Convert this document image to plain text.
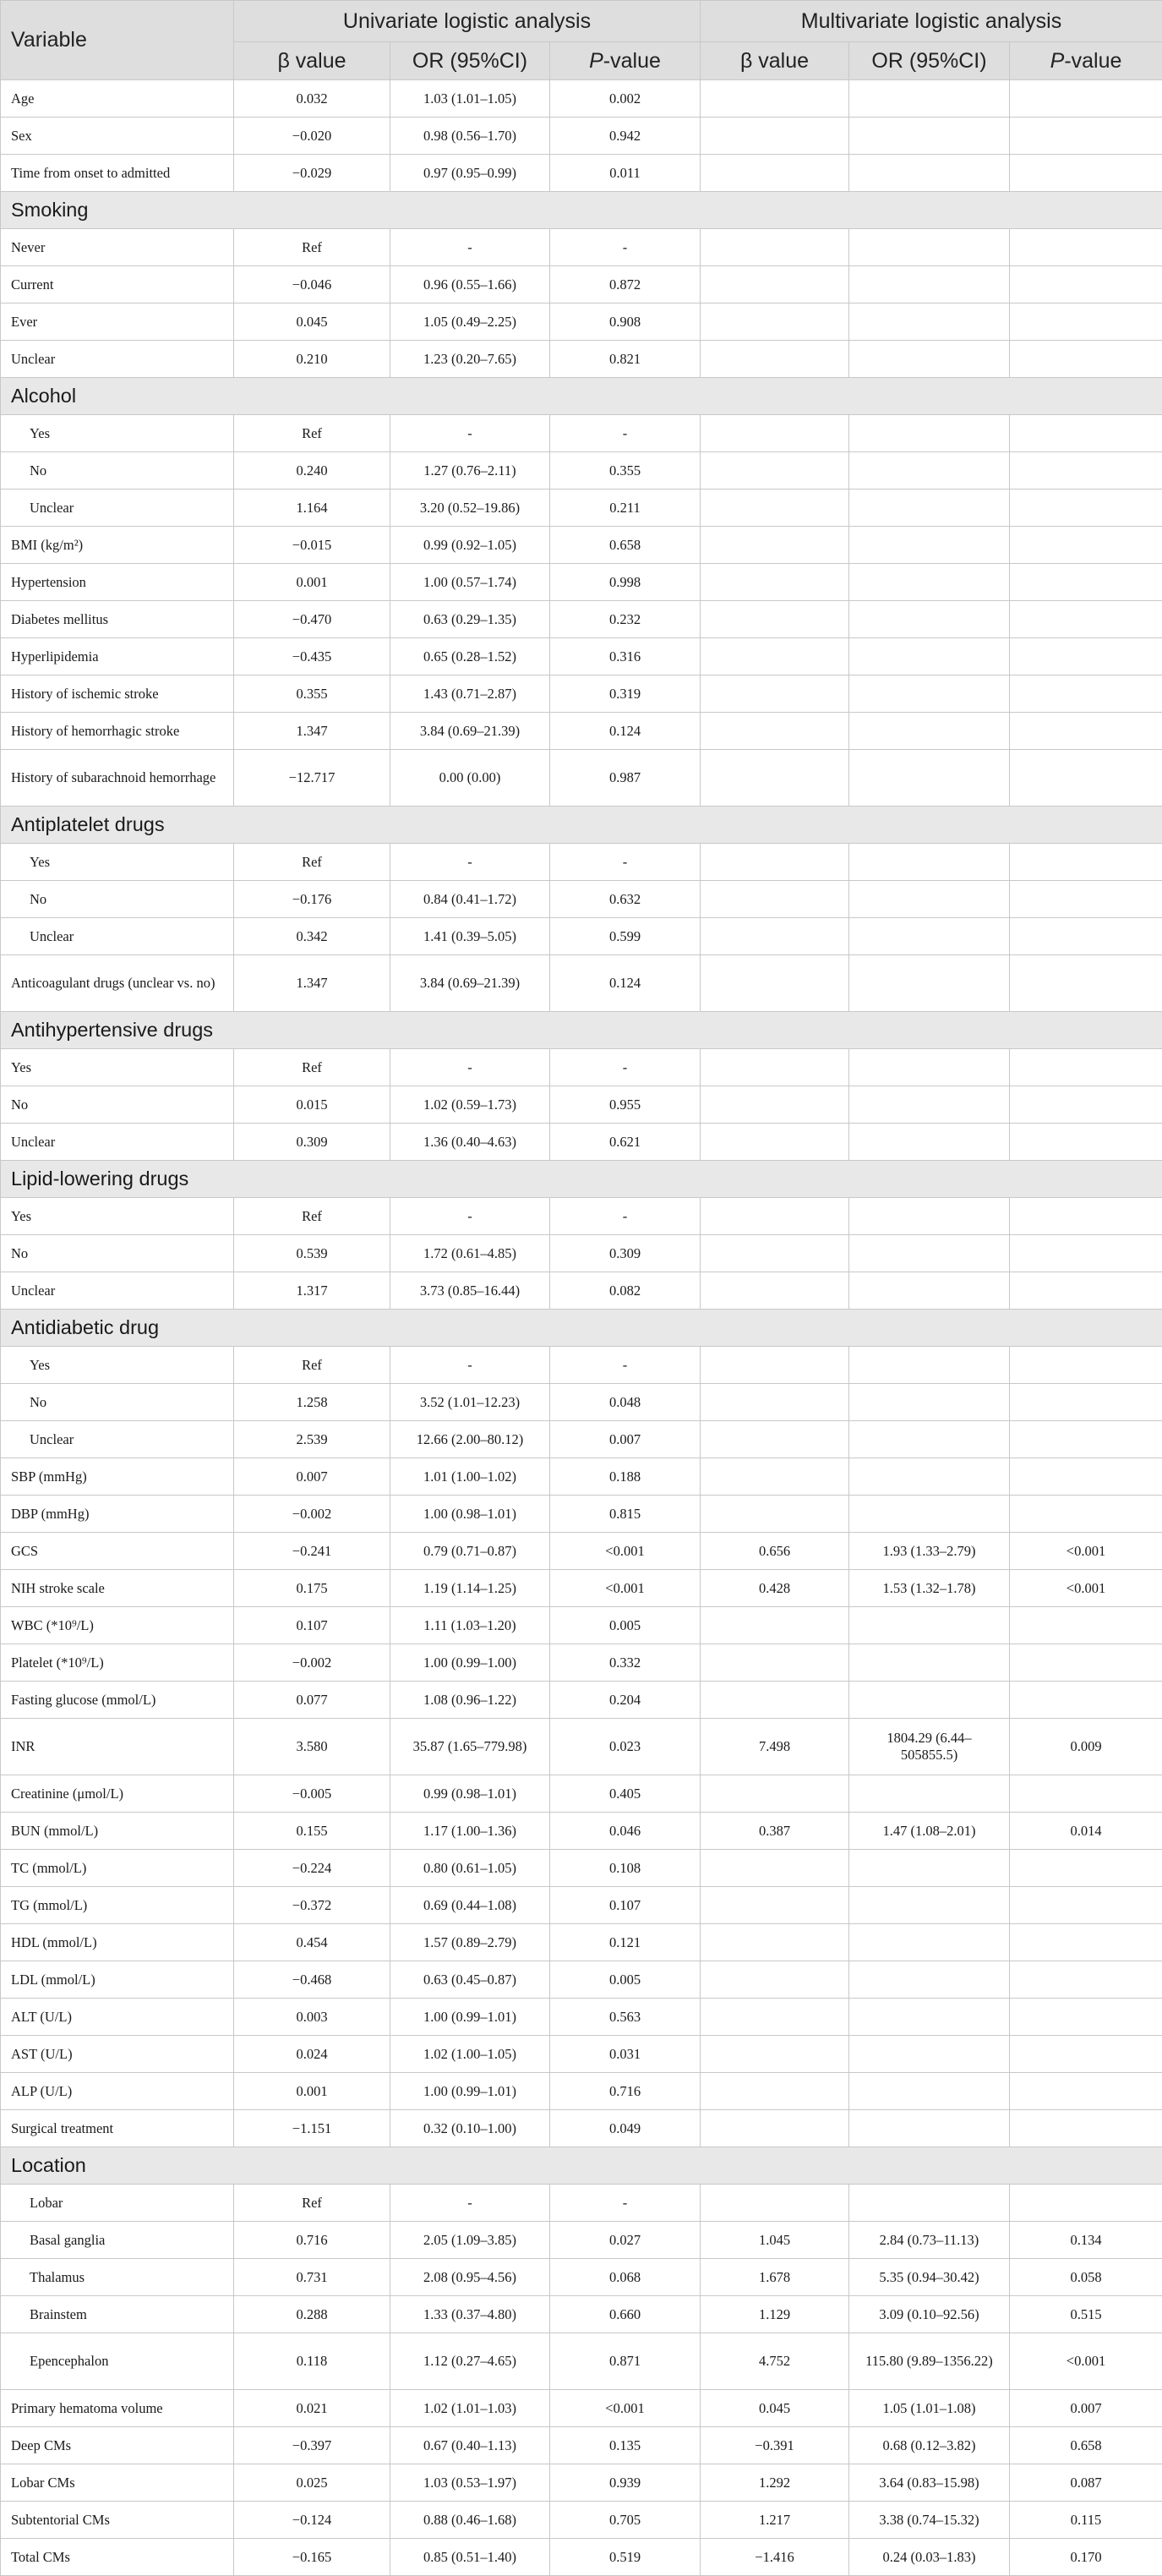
Variable	Univariate logistic analysis			Multivariate logistic analysis		
	β value	OR (95%CI)	P-value	β value	OR (95%CI)	P-value
Age	0.032	1.03 (1.01–1.05)	0.002			
Sex	−0.020	0.98 (0.56–1.70)	0.942			
Time from onset to admitted	−0.029	0.97 (0.95–0.99)	0.011			
Smoking						
Never	Ref	-	-			
Current	−0.046	0.96 (0.55–1.66)	0.872			
Ever	0.045	1.05 (0.49–2.25)	0.908			
Unclear	0.210	1.23 (0.20–7.65)	0.821			
Alcohol						
Yes	Ref	-	-			
No	0.240	1.27 (0.76–2.11)	0.355			
Unclear	1.164	3.20 (0.52–19.86)	0.211			
BMI (kg/m²)	−0.015	0.99 (0.92–1.05)	0.658			
Hypertension	0.001	1.00 (0.57–1.74)	0.998			
Diabetes mellitus	−0.470	0.63 (0.29–1.35)	0.232			
Hyperlipidemia	−0.435	0.65 (0.28–1.52)	0.316			
History of ischemic stroke	0.355	1.43 (0.71–2.87)	0.319			
History of hemorrhagic stroke	1.347	3.84 (0.69–21.39)	0.124			
History of subarachnoid hemorrhage	−12.717	0.00 (0.00)	0.987			
Antiplatelet drugs						
Yes	Ref	-	-			
No	−0.176	0.84 (0.41–1.72)	0.632			
Unclear	0.342	1.41 (0.39–5.05)	0.599			
Anticoagulant drugs (unclear vs. no)	1.347	3.84 (0.69–21.39)	0.124			
Antihypertensive drugs						
Yes	Ref	-	-			
No	0.015	1.02 (0.59–1.73)	0.955			
Unclear	0.309	1.36 (0.40–4.63)	0.621			
Lipid-lowering drugs						
Yes	Ref	-	-			
No	0.539	1.72 (0.61–4.85)	0.309			
Unclear	1.317	3.73 (0.85–16.44)	0.082			
Antidiabetic drug						
Yes	Ref	-	-			
No	1.258	3.52 (1.01–12.23)	0.048			
Unclear	2.539	12.66 (2.00–80.12)	0.007			
SBP (mmHg)	0.007	1.01 (1.00–1.02)	0.188			
DBP (mmHg)	−0.002	1.00 (0.98–1.01)	0.815			
GCS	−0.241	0.79 (0.71–0.87)	<0.001	0.656	1.93 (1.33–2.79)	<0.001
NIH stroke scale	0.175	1.19 (1.14–1.25)	<0.001	0.428	1.53 (1.32–1.78)	<0.001
WBC (*10⁹/L)	0.107	1.11 (1.03–1.20)	0.005			
Platelet (*10⁹/L)	−0.002	1.00 (0.99–1.00)	0.332			
Fasting glucose (mmol/L)	0.077	1.08 (0.96–1.22)	0.204			
INR	3.580	35.87 (1.65–779.98)	0.023	7.498	1804.29 (6.44–505855.5)	0.009
Creatinine (μmol/L)	−0.005	0.99 (0.98–1.01)	0.405			
BUN (mmol/L)	0.155	1.17 (1.00–1.36)	0.046	0.387	1.47 (1.08–2.01)	0.014
TC (mmol/L)	−0.224	0.80 (0.61–1.05)	0.108			
TG (mmol/L)	−0.372	0.69 (0.44–1.08)	0.107			
HDL (mmol/L)	0.454	1.57 (0.89–2.79)	0.121			
LDL (mmol/L)	−0.468	0.63 (0.45–0.87)	0.005			
ALT (U/L)	0.003	1.00 (0.99–1.01)	0.563			
AST (U/L)	0.024	1.02 (1.00–1.05)	0.031			
ALP (U/L)	0.001	1.00 (0.99–1.01)	0.716			
Surgical treatment	−1.151	0.32 (0.10–1.00)	0.049			
Location						
Lobar	Ref	-	-			
Basal ganglia	0.716	2.05 (1.09–3.85)	0.027	1.045	2.84 (0.73–11.13)	0.134
Thalamus	0.731	2.08 (0.95–4.56)	0.068	1.678	5.35 (0.94–30.42)	0.058
Brainstem	0.288	1.33 (0.37–4.80)	0.660	1.129	3.09 (0.10–92.56)	0.515
Epencephalon	0.118	1.12 (0.27–4.65)	0.871	4.752	115.80 (9.89–1356.22)	<0.001
Primary hematoma volume	0.021	1.02 (1.01–1.03)	<0.001	0.045	1.05 (1.01–1.08)	0.007
Deep CMs	−0.397	0.67 (0.40–1.13)	0.135	−0.391	0.68 (0.12–3.82)	0.658
Lobar CMs	0.025	1.03 (0.53–1.97)	0.939	1.292	3.64 (0.83–15.98)	0.087
Subtentorial CMs	−0.124	0.88 (0.46–1.68)	0.705	1.217	3.38 (0.74–15.32)	0.115
Total CMs	−0.165	0.85 (0.51–1.40)	0.519	−1.416	0.24 (0.03–1.83)	0.170
